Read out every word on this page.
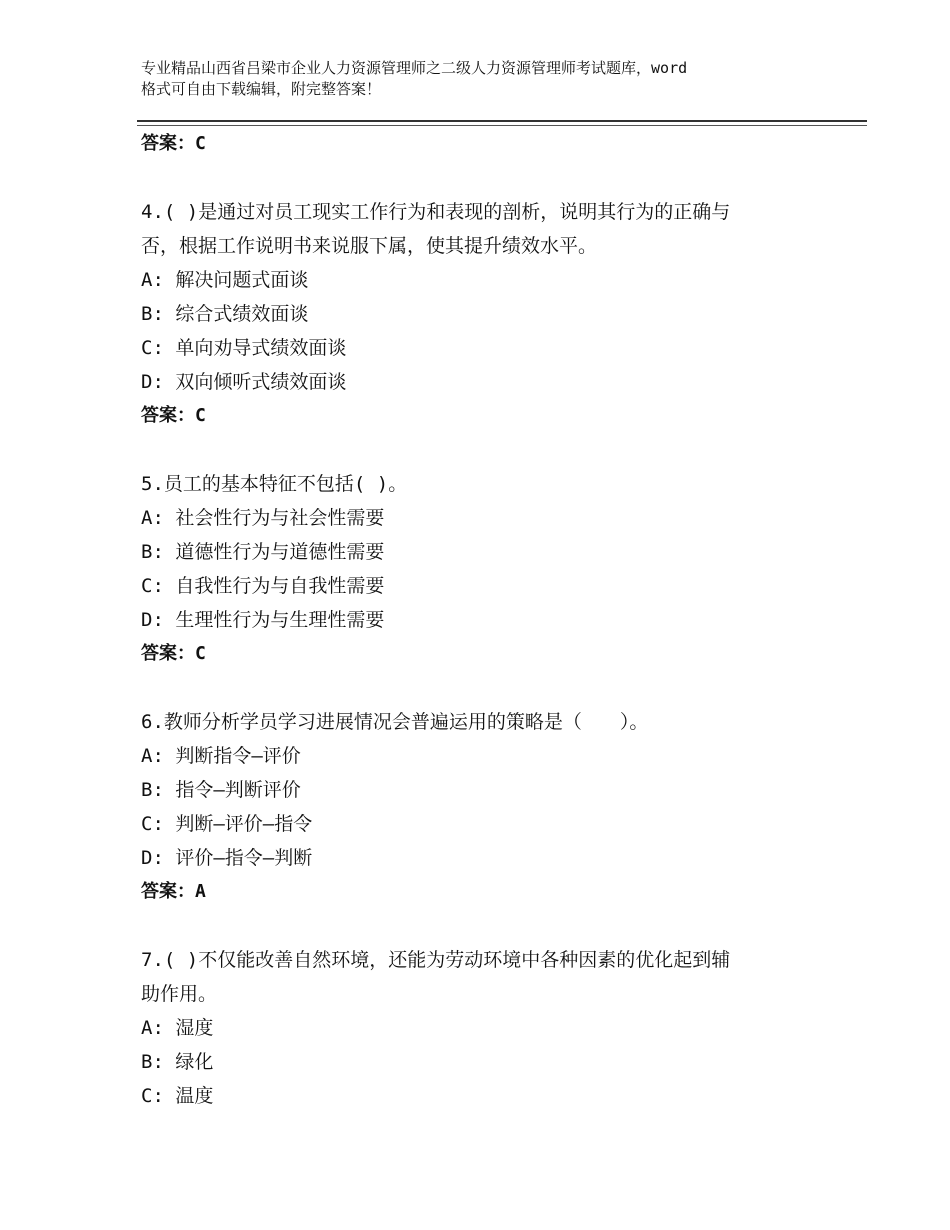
专业精品山西省吕梁市企业人力资源管理师之二级人力资源管理师考试题库，word
格式可自由下载编辑，附完整答案！
答案：C
4.( )是通过对员工现实工作行为和表现的剖析，说明其行为的正确与
否，根据工作说明书来说服下属，使其提升绩效水平。
A: 解决问题式面谈
B: 综合式绩效面谈
C: 单向劝导式绩效面谈
D: 双向倾听式绩效面谈
答案：C
5.员工的基本特征不包括( )。
A: 社会性行为与社会性需要
B: 道德性行为与道德性需要
C: 自我性行为与自我性需要
D: 生理性行为与生理性需要
答案：C
6.教师分析学员学习进展情况会普遍运用的策略是（　　）。
A: 判断指令—评价
B: 指令—判断评价
C: 判断—评价—指令
D: 评价—指令—判断
答案：A
7.( )不仅能改善自然环境，还能为劳动环境中各种因素的优化起到辅
助作用。
A: 湿度
B: 绿化
C: 温度
